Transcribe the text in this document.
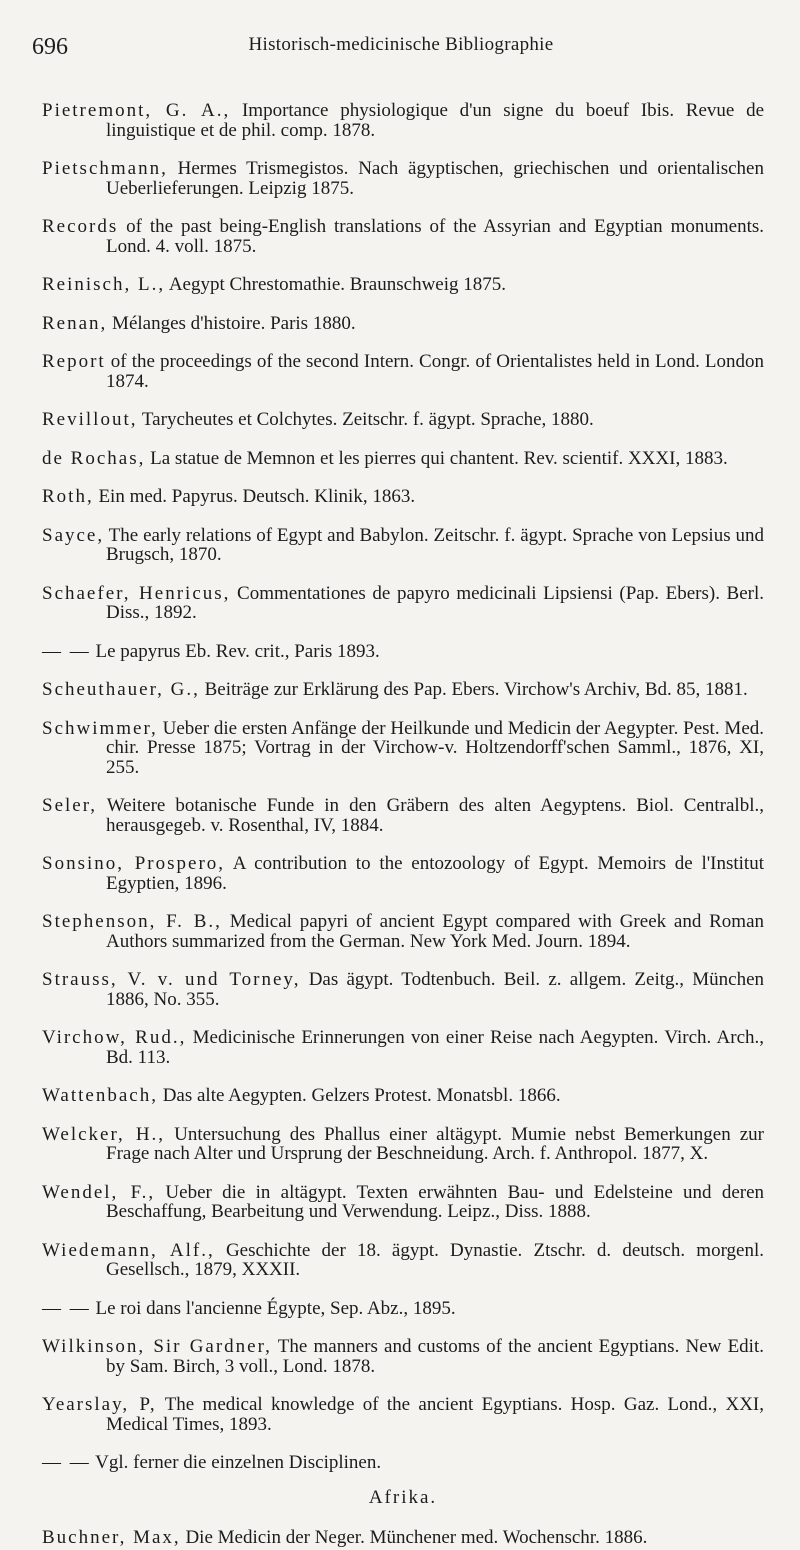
696	Historisch-medicinische Bibliographie

Pietremont, G. A., Importance physiologique d'un signe du boeuf Ibis. Revue de linguistique et de phil. comp. 1878.

Pietschmann, Hermes Trismegistos. Nach ägyptischen, griechischen und orientalischen Ueberlieferungen. Leipzig 1875.

Records of the past being-English translations of the Assyrian and Egyptian monuments. Lond. 4. voll. 1875.

Reinisch, L., Aegypt Chrestomathie. Braunschweig 1875.

Renan, Mélanges d'histoire. Paris 1880.

Report of the proceedings of the second Intern. Congr. of Orientalistes held in Lond. London 1874.

Revillout, Tarycheutes et Colchytes. Zeitschr. f. ägypt. Sprache, 1880.

de Rochas, La statue de Memnon et les pierres qui chantent. Rev. scientif. XXXI, 1883.

Roth, Ein med. Papyrus. Deutsch. Klinik, 1863.

Sayce, The early relations of Egypt and Babylon. Zeitschr. f. ägypt. Sprache von Lepsius und Brugsch, 1870.

Schaefer, Henricus, Commentationes de papyro medicinali Lipsiensi (Pap. Ebers). Berl. Diss., 1892.

— — Le papyrus Eb. Rev. crit., Paris 1893.

Scheuthauer, G., Beiträge zur Erklärung des Pap. Ebers. Virchow's Archiv, Bd. 85, 1881.

Schwimmer, Ueber die ersten Anfänge der Heilkunde und Medicin der Aegypter. Pest. Med. chir. Presse 1875; Vortrag in der Virchow-v. Holtzendorff'schen Samml., 1876, XI, 255.

Seler, Weitere botanische Funde in den Gräbern des alten Aegyptens. Biol. Centralbl., herausgegeb. v. Rosenthal, IV, 1884.

Sonsino, Prospero, A contribution to the entozoology of Egypt. Memoirs de l'Institut Egyptien, 1896.

Stephenson, F. B., Medical papyri of ancient Egypt compared with Greek and Roman Authors summarized from the German. New York Med. Journ. 1894.

Strauss, V. v. und Torney, Das ägypt. Todtenbuch. Beil. z. allgem. Zeitg., München 1886, No. 355.

Virchow, Rud., Medicinische Erinnerungen von einer Reise nach Aegypten. Virch. Arch., Bd. 113.

Wattenbach, Das alte Aegypten. Gelzers Protest. Monatsbl. 1866.

Welcker, H., Untersuchung des Phallus einer altägypt. Mumie nebst Bemerkungen zur Frage nach Alter und Ursprung der Beschneidung. Arch. f. Anthropol. 1877, X.

Wendel, F., Ueber die in altägypt. Texten erwähnten Bau- und Edelsteine und deren Beschaffung, Bearbeitung und Verwendung. Leipz., Diss. 1888.

Wiedemann, Alf., Geschichte der 18. ägypt. Dynastie. Ztschr. d. deutsch. morgenl. Gesellsch., 1879, XXXII.

— — Le roi dans l'ancienne Égypte, Sep. Abz., 1895.

Wilkinson, Sir Gardner, The manners and customs of the ancient Egyptians. New Edit. by Sam. Birch, 3 voll., Lond. 1878.

Yearslay, P, The medical knowledge of the ancient Egyptians. Hosp. Gaz. Lond., XXI, Medical Times, 1893.

— — Vgl. ferner die einzelnen Disciplinen.

Afrika.

Buchner, Max, Die Medicin der Neger. Münchener med. Wochenschr. 1886.
